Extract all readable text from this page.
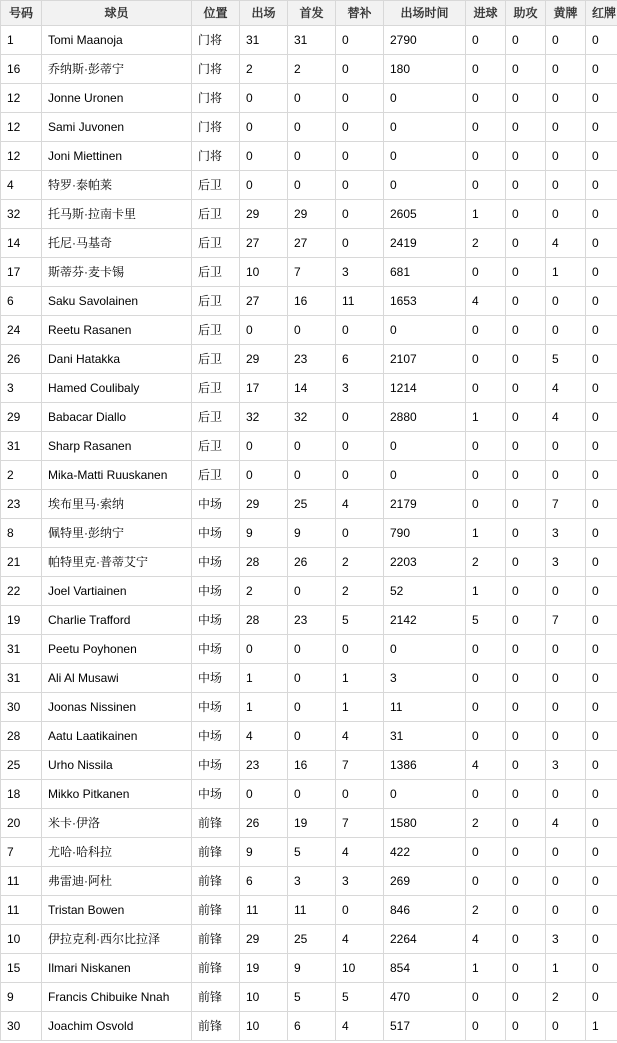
号码	球员	位置	出场	首发	替补	出场时间	进球	助攻	黄牌	红牌
1	Tomi Maanoja	门将	31	31	0	2790	0	0	0	0
16	乔纳斯·彭蒂宁	门将	2	2	0	180	0	0	0	0
12	Jonne Uronen	门将	0	0	0	0	0	0	0	0
12	Sami Juvonen	门将	0	0	0	0	0	0	0	0
12	Joni Miettinen	门将	0	0	0	0	0	0	0	0
4	特罗·泰帕莱	后卫	0	0	0	0	0	0	0	0
32	托马斯·拉南卡里	后卫	29	29	0	2605	1	0	0	0
14	托尼·马基奇	后卫	27	27	0	2419	2	0	4	0
17	斯蒂芬·麦卡锡	后卫	10	7	3	681	0	0	1	0
6	Saku Savolainen	后卫	27	16	11	1653	4	0	0	0
24	Reetu Rasanen	后卫	0	0	0	0	0	0	0	0
26	Dani Hatakka	后卫	29	23	6	2107	0	0	5	0
3	Hamed Coulibaly	后卫	17	14	3	1214	0	0	4	0
29	Babacar Diallo	后卫	32	32	0	2880	1	0	4	0
31	Sharp Rasanen	后卫	0	0	0	0	0	0	0	0
2	Mika-Matti Ruuskanen	后卫	0	0	0	0	0	0	0	0
23	埃布里马·索纳	中场	29	25	4	2179	0	0	7	0
8	佩特里·彭纳宁	中场	9	9	0	790	1	0	3	0
21	帕特里克·普蒂艾宁	中场	28	26	2	2203	2	0	3	0
22	Joel Vartiainen	中场	2	0	2	52	1	0	0	0
19	Charlie Trafford	中场	28	23	5	2142	5	0	7	0
31	Peetu Poyhonen	中场	0	0	0	0	0	0	0	0
31	Ali Al Musawi	中场	1	0	1	3	0	0	0	0
30	Joonas Nissinen	中场	1	0	1	11	0	0	0	0
28	Aatu Laatikainen	中场	4	0	4	31	0	0	0	0
25	Urho Nissila	中场	23	16	7	1386	4	0	3	0
18	Mikko Pitkanen	中场	0	0	0	0	0	0	0	0
20	米卡·伊洛	前锋	26	19	7	1580	2	0	4	0
7	尤哈·哈科拉	前锋	9	5	4	422	0	0	0	0
11	弗雷迪·阿杜	前锋	6	3	3	269	0	0	0	0
11	Tristan Bowen	前锋	11	11	0	846	2	0	0	0
10	伊拉克利·西尔比拉泽	前锋	29	25	4	2264	4	0	3	0
15	Ilmari Niskanen	前锋	19	9	10	854	1	0	1	0
9	Francis Chibuike Nnah	前锋	10	5	5	470	0	0	2	0
30	Joachim Osvold	前锋	10	6	4	517	0	0	0	1
